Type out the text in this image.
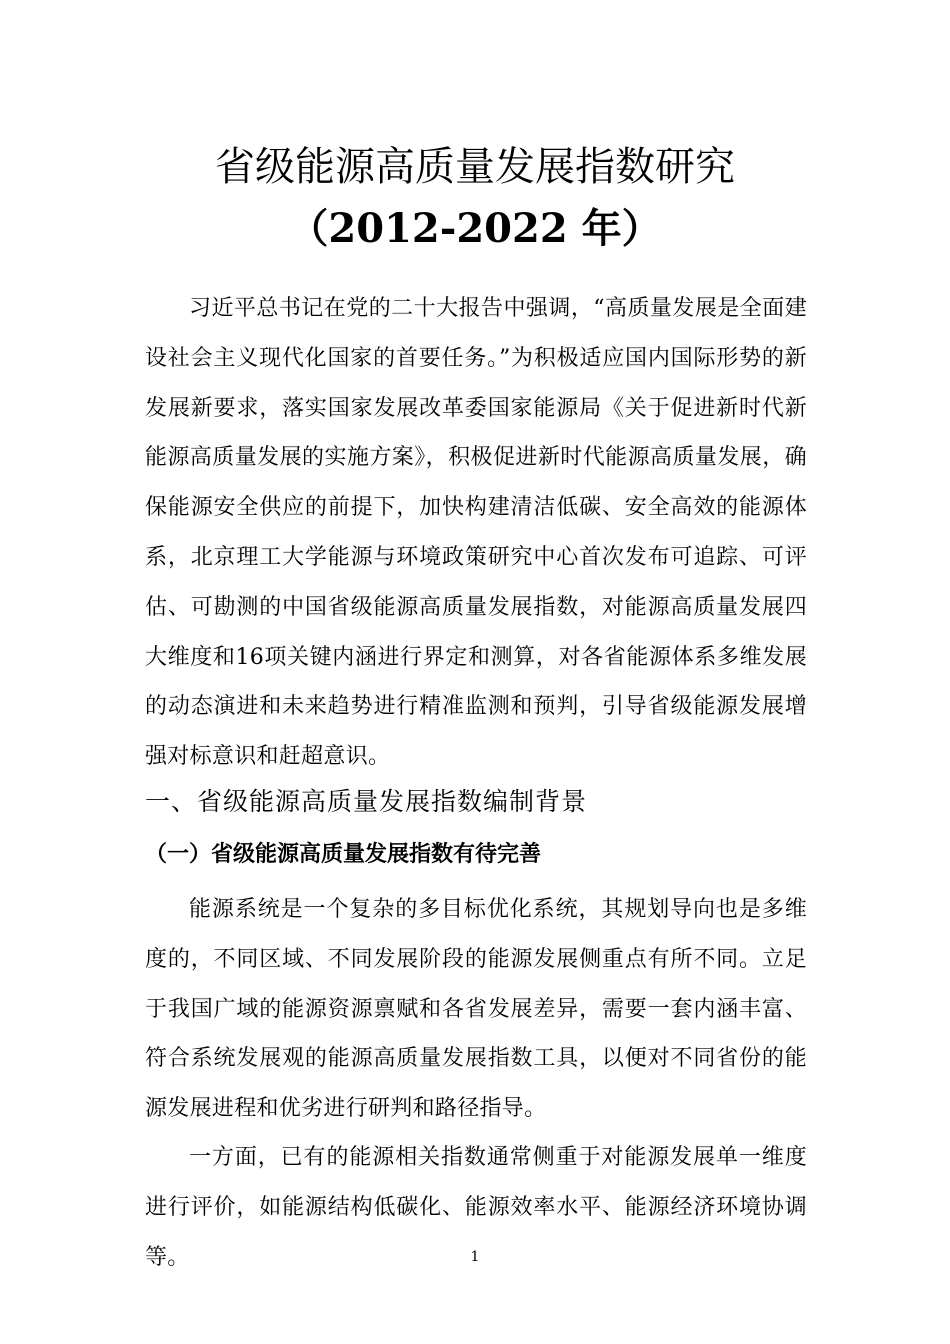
省级能源高质量发展指数研究
（2012-2022 年）

习近平总书记在党的二十大报告中强调，“高质量发展是全面建设社会主义现代化国家的首要任务。”为积极适应国内国际形势的新发展新要求，落实国家发展改革委国家能源局《关于促进新时代新能源高质量发展的实施方案》，积极促进新时代能源高质量发展，确保能源安全供应的前提下，加快构建清洁低碳、安全高效的能源体系，北京理工大学能源与环境政策研究中心首次发布可追踪、可评估、可勘测的中国省级能源高质量发展指数，对能源高质量发展四大维度和16项关键内涵进行界定和测算，对各省能源体系多维发展的动态演进和未来趋势进行精准监测和预判，引导省级能源发展增强对标意识和赶超意识。

一、省级能源高质量发展指数编制背景
（一）省级能源高质量发展指数有待完善

能源系统是一个复杂的多目标优化系统，其规划导向也是多维度的，不同区域、不同发展阶段的能源发展侧重点有所不同。立足于我国广域的能源资源禀赋和各省发展差异，需要一套内涵丰富、符合系统发展观的能源高质量发展指数工具，以便对不同省份的能源发展进程和优劣进行研判和路径指导。

一方面，已有的能源相关指数通常侧重于对能源发展单一维度进行评价，如能源结构低碳化、能源效率水平、能源经济环境协调等。	1
